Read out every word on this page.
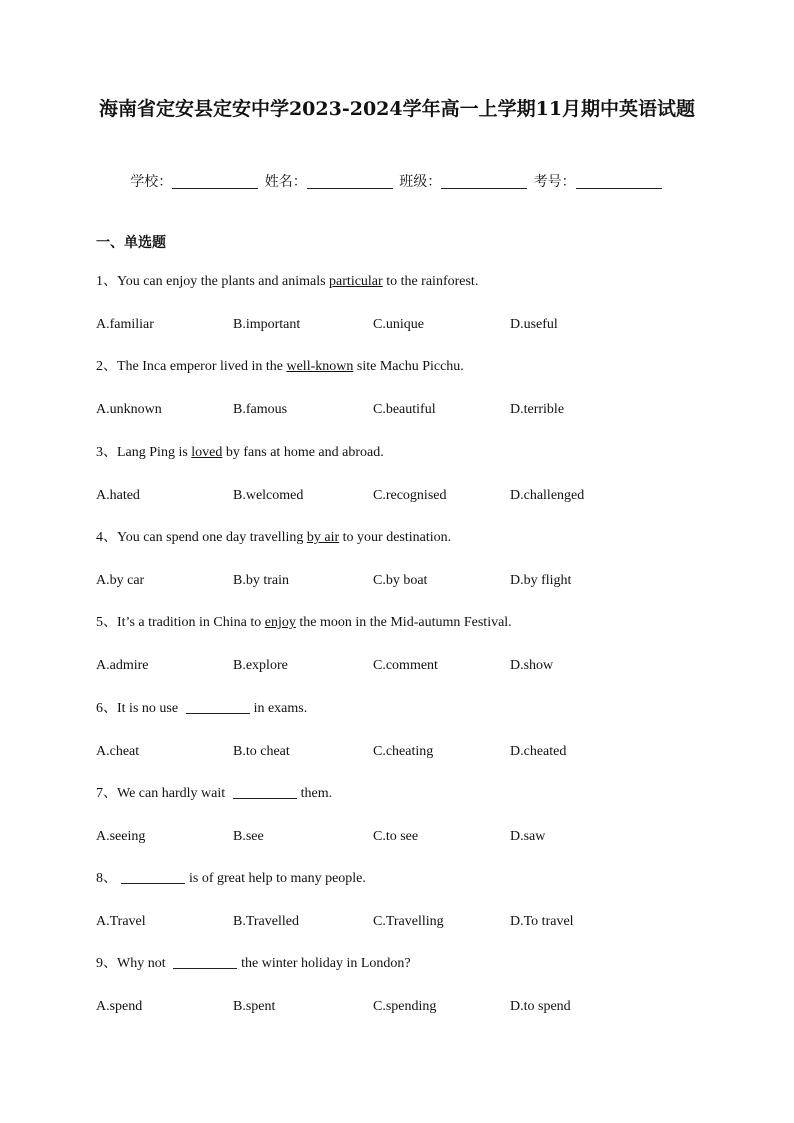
海南省定安县定安中学2023-2024学年高一上学期11月期中英语试题
学校：	姓名：	班级：	考号：
一、单选题
1、You can enjoy the plants and animals particular to the rainforest.
A.familiar	B.important	C.unique	D.useful
2、The Inca emperor lived in the well-known site Machu Picchu.
A.unknown	B.famous	C.beautiful	D.terrible
3、Lang Ping is loved by fans at home and abroad.
A.hated	B.welcomed	C.recognised	D.challenged
4、You can spend one day travelling by air to your destination.
A.by car	B.by train	C.by boat	D.by flight
5、It’s a tradition in China to enjoy the moon in the Mid-autumn Festival.
A.admire	B.explore	C.comment	D.show
6、It is no use	in exams.
A.cheat	B.to cheat	C.cheating	D.cheated
7、We can hardly wait	them.
A.seeing	B.see	C.to see	D.saw
8、	is of great help to many people.
A.Travel	B.Travelled	C.Travelling	D.To travel
9、Why not	the winter holiday in London?
A.spend	B.spent	C.spending	D.to spend
